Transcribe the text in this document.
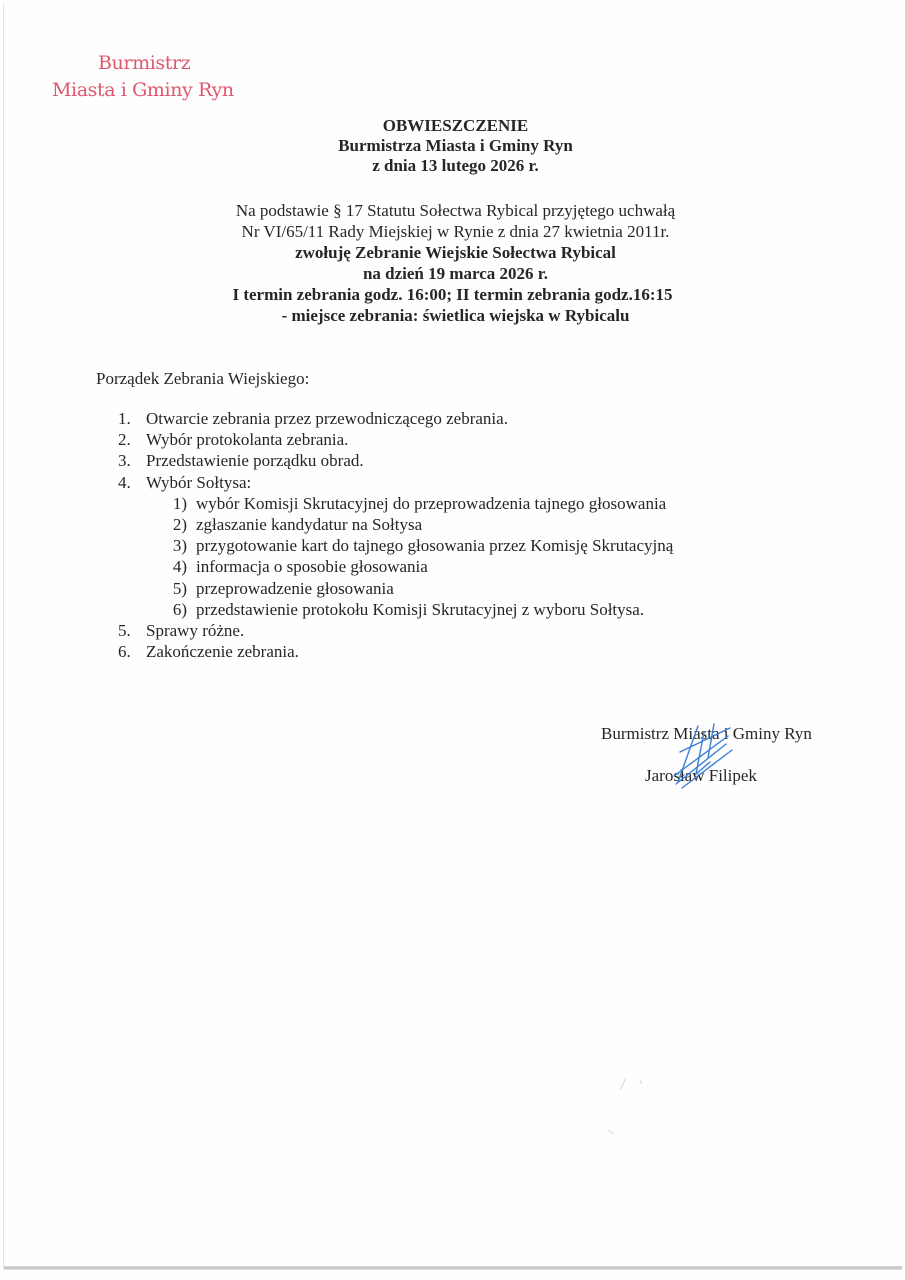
Burmistrz
Miasta i Gminy Ryn
OBWIESZCZENIE
Burmistrza Miasta i Gminy Ryn
z dnia 13 lutego 2026 r.
Na podstawie § 17 Statutu Sołectwa Rybical przyjętego uchwałą
Nr VI/65/11 Rady Miejskiej w Rynie z dnia 27 kwietnia 2011r.
zwołuję Zebranie Wiejskie Sołectwa Rybical
na dzień 19 marca 2026 r.
I termin zebrania godz. 16:00; II termin zebrania godz.16:15
- miejsce zebrania: świetlica wiejska w Rybicalu
Porządek Zebrania Wiejskiego:
1. Otwarcie zebrania przez przewodniczącego zebrania.
2. Wybór protokolanta zebrania.
3. Przedstawienie porządku obrad.
4. Wybór Sołtysa:
1) wybór Komisji Skrutacyjnej do przeprowadzenia tajnego głosowania
2) zgłaszanie kandydatur na Sołtysa
3) przygotowanie kart do tajnego głosowania przez Komisję Skrutacyjną
4) informacja o sposobie głosowania
5) przeprowadzenie głosowania
6) przedstawienie protokołu Komisji Skrutacyjnej z wyboru Sołtysa.
5. Sprawy różne.
6. Zakończenie zebrania.
Burmistrz Miasta i Gminy Ryn
Jarosław Filipek
